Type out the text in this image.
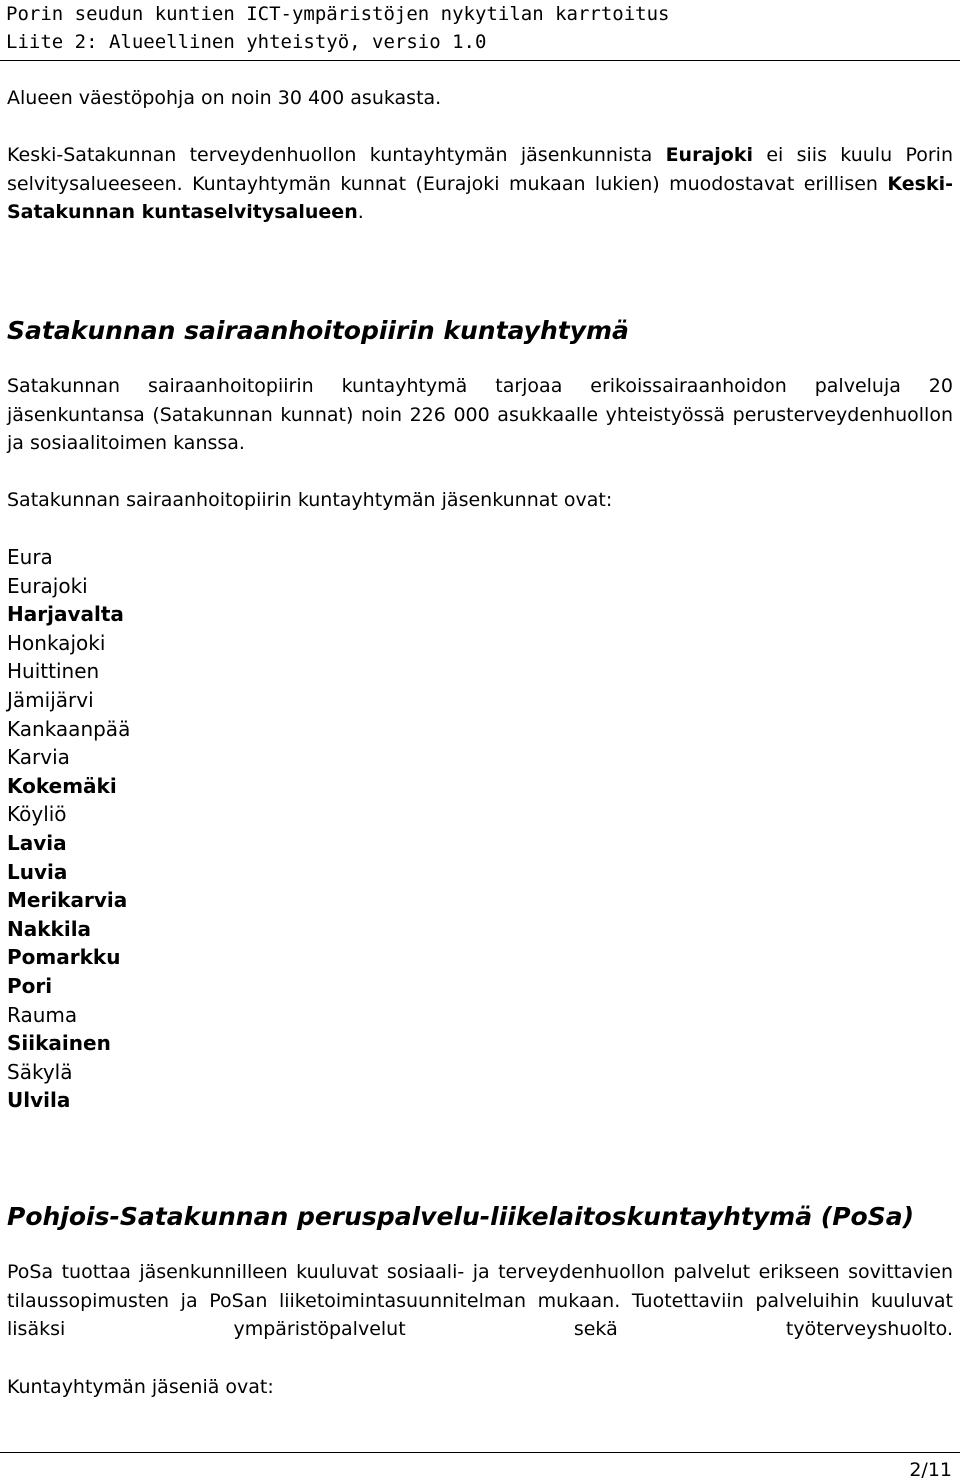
Porin seudun kuntien ICT-ympäristöjen nykytilan karrtoitus
Liite 2: Alueellinen yhteistyö, versio 1.0

Alueen väestöpohja on noin 30 400 asukasta.

Keski-Satakunnan terveydenhuollon kuntayhtymän jäsenkunnista Eurajoki ei siis kuulu Porin selvitysalueeseen. Kuntayhtymän kunnat (Eurajoki mukaan lukien) muodostavat erillisen Keski-Satakunnan kuntaselvitysalueen.

Satakunnan sairaanhoitopiirin kuntayhtymä

Satakunnan sairaanhoitopiirin kuntayhtymä tarjoaa erikoissairaanhoidon palveluja 20 jäsenkuntansa (Satakunnan kunnat) noin 226 000 asukkaalle yhteistyössä perusterveydenhuollon ja sosiaalitoimen kanssa.

Satakunnan sairaanhoitopiirin kuntayhtymän jäsenkunnat ovat:

Eura
Eurajoki
Harjavalta
Honkajoki
Huittinen
Jämijärvi
Kankaanpää
Karvia
Kokemäki
Köyliö
Lavia
Luvia
Merikarvia
Nakkila
Pomarkku
Pori
Rauma
Siikainen
Säkylä
Ulvila
Pohjois-Satakunnan peruspalvelu-liikelaitoskuntayhtymä (PoSa)

PoSa tuottaa jäsenkunnilleen kuuluvat sosiaali- ja terveydenhuollon palvelut erikseen sovittavien tilaussopimusten ja PoSan liiketoimintasuunnitelman mukaan. Tuotettaviin palveluihin kuuluvat lisäksi ympäristöpalvelut sekä työterveyshuolto.

Kuntayhtymän jäseniä ovat:

2/11
